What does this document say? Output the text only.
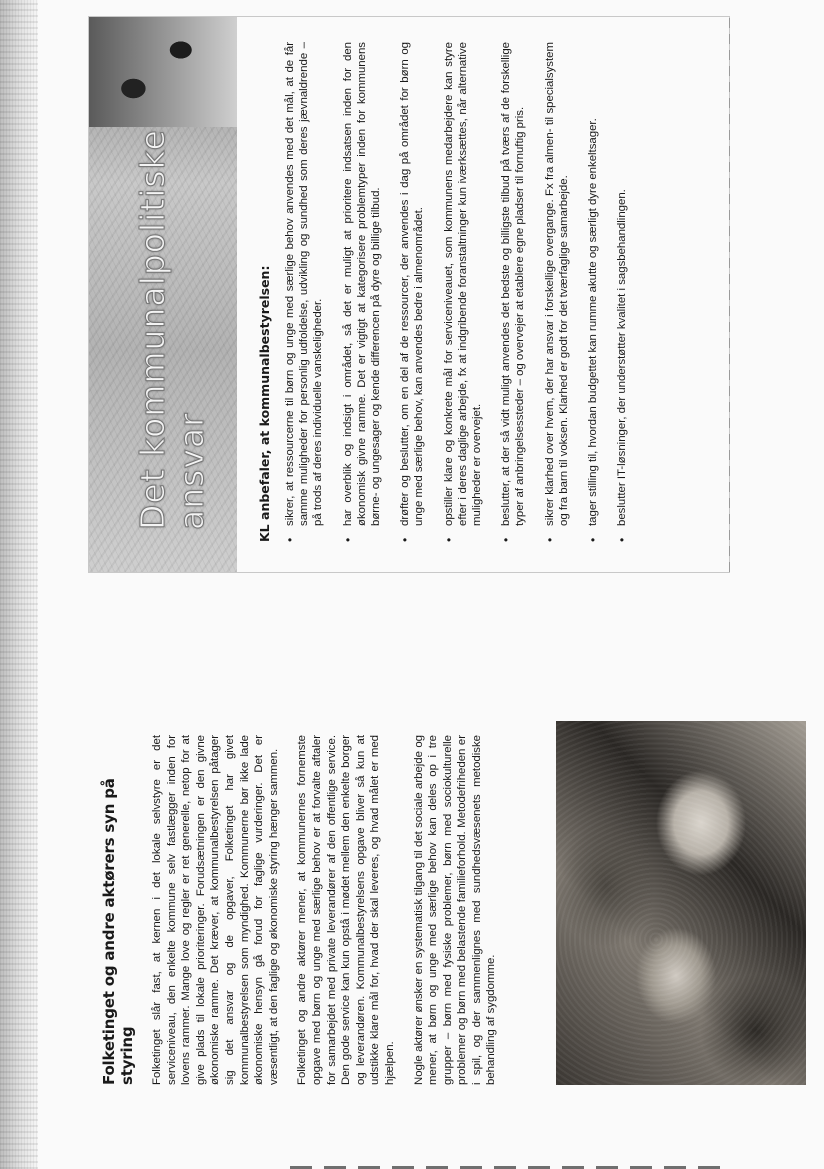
Folketinget og andre aktørers syn på styring Folketinget slår fast, at kernen i det lokale selvstyre er det serviceniveau, den enkelte kommune selv fastlægger inden for lovens rammer. Mange love og regler er ret generelle, netop for at give plads til lokale prioriteringer. Forudsætningen er den givne økonomiske ramme. Det kræver, at kommunalbestyrelsen påtager sig det ansvar og de opgaver, Folketinget har givet kommunalbestyrelsen som myndighed. Kommunerne bør ikke lade økonomiske hensyn gå forud for faglige vurderinger. Det er væsentligt, at den faglige og økonomiske styring hænger sammen. Folketinget og andre aktører mener, at kommunernes fornemste opgave med børn og unge med særlige behov er at forvalte aftaler for samarbejdet med private leverandører af den offentlige service. Den gode service kan kun opstå i mødet mellem den enkelte borger og leverandøren. Kommunalbestyrelsens opgave bliver så kun at udstikke klare mål for, hvad der skal leveres, og hvad målet er med hjælpen. Nogle aktører ønsker en systematisk tilgang til det sociale arbejde og mener, at børn og unge med særlige behov kan deles op i tre grupper – børn med fysiske problemer, børn med sociokulturelle problemer og børn med belastende familieforhold. Metodefriheden er i spil, og der sammenlignes med sundhedsvæsenets metodiske behandling af sygdomme.

Det kommunalpolitiske ansvar	KL anbefaler, at kommunalbestyrelsen: •
sikrer, at ressourcerne til børn og unge med særlige behov anvendes med det mål, at de får samme muligheder for personlig udfoldelse, udvikling og sundhed som deres jævnaldrende – på trods af deres individuelle vanskeligheder.
•
har overblik og indsigt i området, så det er muligt at prioritere indsatsen inden for den økonomisk givne ramme. Det er vigtigt at kategorisere problemtyper inden for kommunens børne- og ungesager og kende differencen på dyre og billige tilbud.
•
drøfter og beslutter, om en del af de ressourcer, der anvendes i dag på området for børn og unge med særlige behov, kan anvendes bedre i almenområdet.
•
opstiller klare og konkrete mål for serviceniveauet, som kommunens medarbejdere kan styre efter i deres daglige arbejde, fx at indgribende foranstaltninger kun iværksættes, når alternative muligheder er overvejet.
•
beslutter, at der så vidt muligt anvendes det bedste og billigste tilbud på tværs af de forskellige typer af anbringelsessteder – og overvejer at etablere egne pladser til fornuftig pris.
•
sikrer klarhed over hvem, der har ansvar i forskellige overgange. Fx fra almen- til specialsystem og fra barn til voksen. Klarhed er godt for det tværfaglige samarbejde.
•
tager stilling til, hvordan budgettet kan rumme akutte og særligt dyre enkeltsager.
•
beslutter IT-løsninger, der understøtter kvalitet i sagsbehandlingen.
